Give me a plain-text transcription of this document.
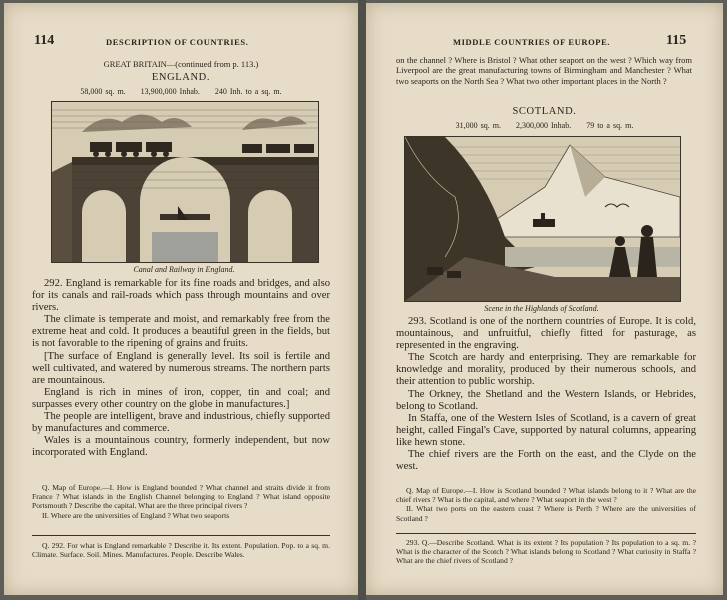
114	DESCRIPTION OF COUNTRIES.
GREAT BRITAIN—(continued from p. 113.)
ENGLAND.
58,000 sq. m.     13,900,000 Inhab.     240 Inh. to a sq. m.
Canal and Railway in England.

292. England is remarkable for its fine roads and bridges, and also for its canals and rail-roads which pass through mountains and over rivers.

The climate is temperate and moist, and remarkably free from the extreme heat and cold. It produces a beautiful green in the fields, but is not favorable to the ripening of grains and fruits.

[The surface of England is generally level. Its soil is fertile and well cultivated, and watered by numerous streams. The northern parts are mountainous.

England is rich in mines of iron, copper, tin and coal; and surpasses every other country on the globe in manufactures.]

The people are intelligent, brave and industrious, chiefly supported by manufactures and commerce.

Wales is a mountainous country, formerly independent, but now incorporated with England.

Q. Map of Europe.—I. How is England bounded ? What channel and straits divide it from France ? What islands in the English Channel belonging to England ? What island opposite Portsmouth ? Describe the capital. What are the three principal rivers ?

II. Where are the universities of England ? What two seaports

Q. 292. For what is England remarkable ? Describe it. Its extent. Population. Pop. to a sq. m. Climate. Surface. Soil. Mines. Manufactures. People. Describe Wales.

MIDDLE COUNTRIES OF EUROPE.	115

on the channel ? Where is Bristol ? What other seaport on the west ? Which way from Liverpool are the great manufacturing towns of Birmingham and Manchester ? What two seaports on the North Sea ? What two other important places in the North ?

SCOTLAND.
31,000 sq. m.     2,300,000 Inhab.     79 to a sq. m.
Scene in the Highlands of Scotland.

293. Scotland is one of the northern countries of Europe. It is cold, mountainous, and unfruitful, chiefly fitted for pasturage, as represented in the engraving.

The Scotch are hardy and enterprising. They are remarkable for knowledge and morality, produced by their numerous schools, and their attention to public worship.

The Orkney, the Shetland and the Western Islands, or Hebrides, belong to Scotland.

In Staffa, one of the Western Isles of Scotland, is a cavern of great height, called Fingal's Cave, supported by natural columns, appearing like hewn stone.

The chief rivers are the Forth on the east, and the Clyde on the west.

Q. Map of Europe.—I. How is Scotland bounded ? What islands belong to it ? What are the chief rivers ? What is the capital, and where ? What seaport in the west ?

II. What two ports on the eastern coast ? Where is Perth ? Where are the universities of Scotland ?

293. Q.—Describe Scotland. What is its extent ? Its population ? Its population to a sq. m. ? What is the character of the Scotch ? What islands belong to Scotland ? What curiosity in Staffa ? What are the chief rivers of Scotland ?
